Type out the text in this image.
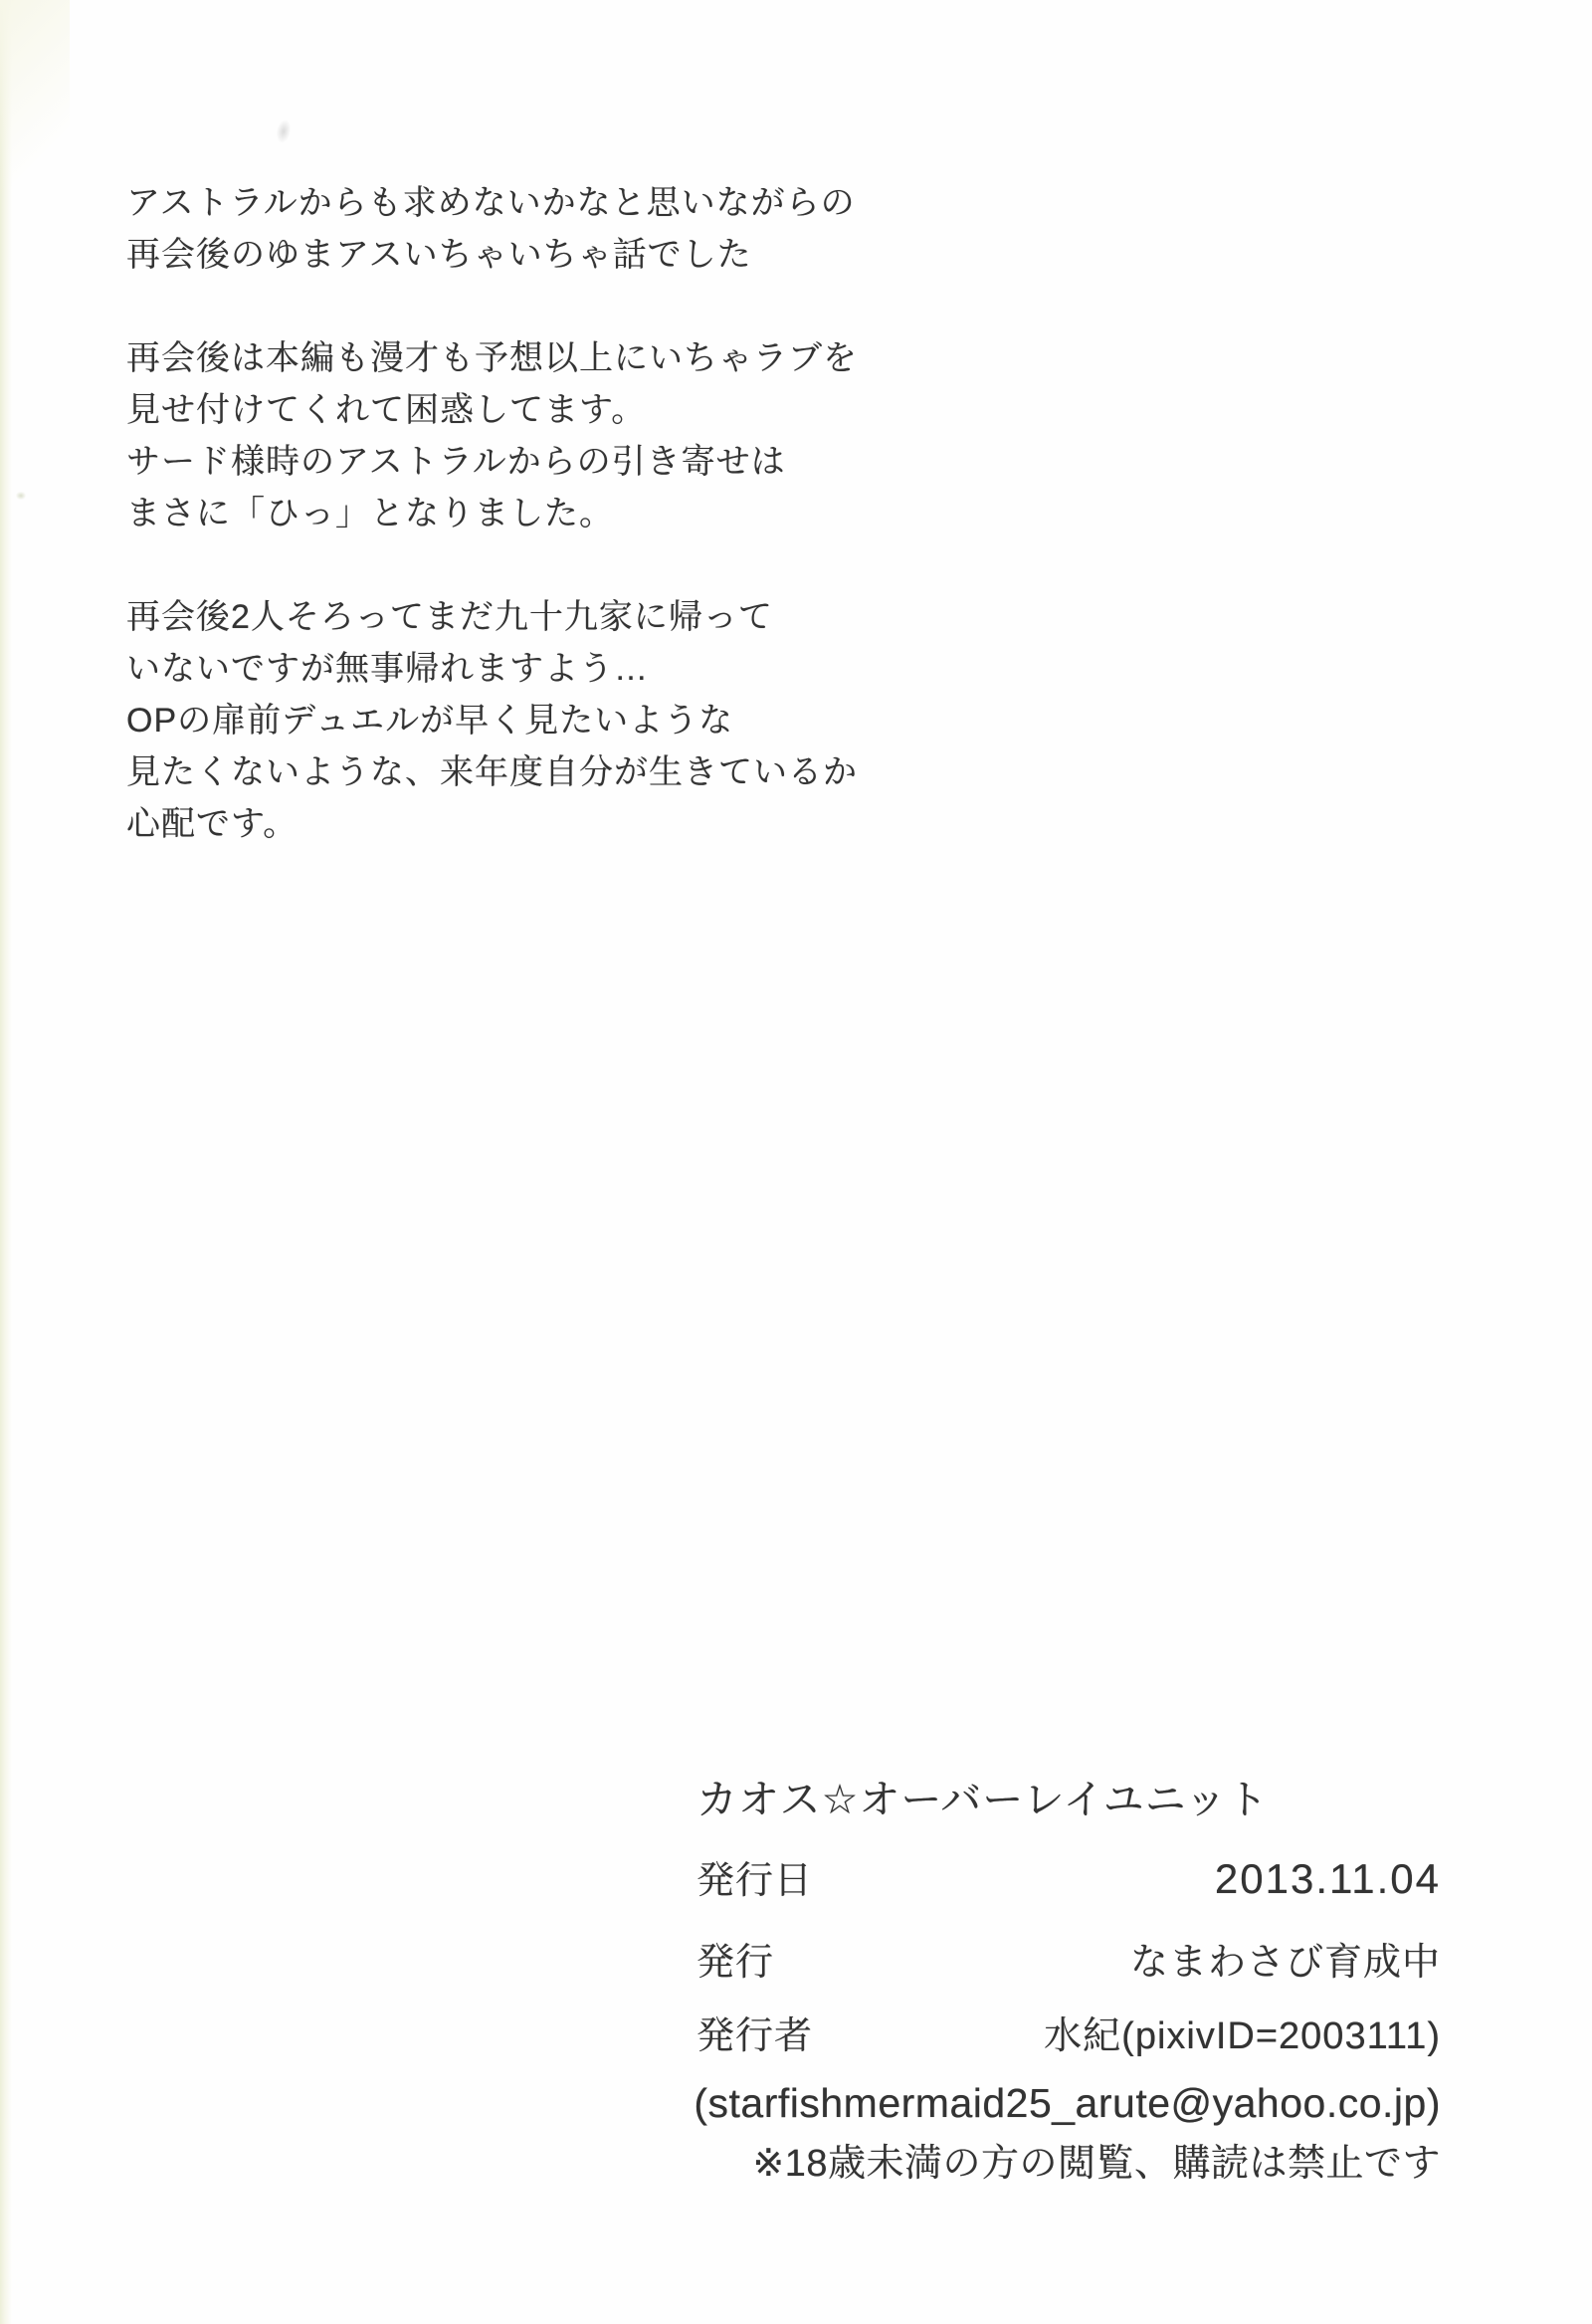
アストラルからも求めないかなと思いながらの
再会後のゆまアスいちゃいちゃ話でした
再会後は本編も漫才も予想以上にいちゃラブを
見せ付けてくれて困惑してます。
サード様時のアストラルからの引き寄せは
まさに「ひっ」となりました。
再会後2人そろってまだ九十九家に帰って
いないですが無事帰れますよう…
OPの扉前デュエルが早く見たいような
見たくないような、来年度自分が生きているか
心配です。
カオス☆オーバーレイユニット
発行日	2013.11.04
発行	なまわさび育成中
発行者	水紀(pixivID=2003111)
(starfishmermaid25_arute@yahoo.co.jp)
※18歳未満の方の閲覧、購読は禁止です
